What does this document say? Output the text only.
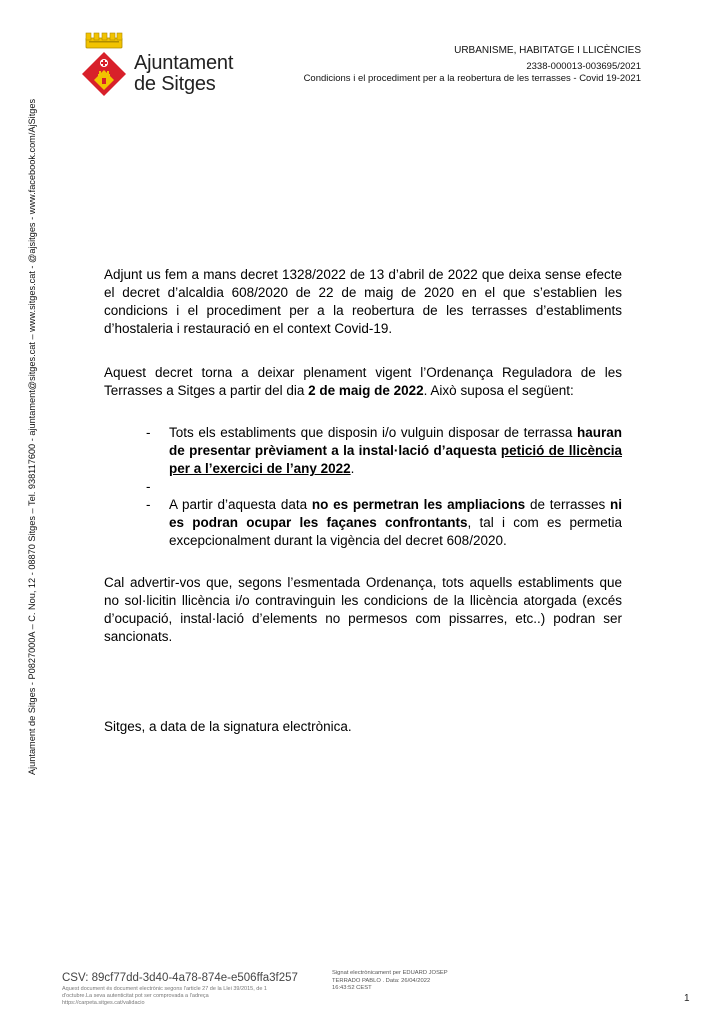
Ajuntament
de Sitges
URBANISME, HABITATGE I LLICÈNCIES
2338-000013-003695/2021
Condicions i el procediment per a la reobertura de les terrasses - Covid 19-2021
Ajuntament de Sitges - P0827000A – C. Nou, 12 - 08870 Sitges – Tel. 938117600 - ajuntament@sitges.cat – www.sitges.cat - @ajsitges - www.facebook.com/AjSitges	Adjunt us fem a mans decret 1328/2022 de 13 d’abril de 2022 que deixa sense efecte el decret d’alcaldia 608/2020 de 22 de maig de 2020 en el que s’establien les condicions i el procediment per a la reobertura de les terrasses d’establiments d’hostaleria i restauració en el context Covid-19.

Aquest decret torna a deixar plenament vigent l’Ordenança Reguladora de les Terrasses a Sitges a partir del dia 2 de maig de 2022. Això suposa el següent:

- Tots els establiments que disposin i/o vulguin disposar de terrassa hauran de presentar prèviament a la instal·lació d’aquesta petició de llicència per a l’exercici de l’any 2022.
-
- A partir d’aquesta data no es permetran les ampliacions de terrasses ni es podran ocupar les façanes confrontants, tal i com es permetia excepcionalment durant la vigència del decret 608/2020.

Cal advertir-vos que, segons l’esmentada Ordenança, tots aquells establiments que no sol·licitin llicència i/o contravinguin les condicions de la llicència atorgada (excés d’ocupació, instal·lació d’elements no permesos com pissarres, etc..) podran ser sancionats.

Sitges, a data de la signatura electrònica.

CSV: 89cf77dd-3d40-4a78-874e-e506ffa3f257
Aquest document és document electrònic segons l'article 27 de la Llei 39/2015, de 1
d'octubre.La seva autenticitat pot ser comprovada a l'adreça
https://carpeta.sitges.cat/validacio
Signat electrònicament per EDUARD JOSEP
TERRADO PABLO . Data: 26/04/2022
16:43:52 CEST
1
